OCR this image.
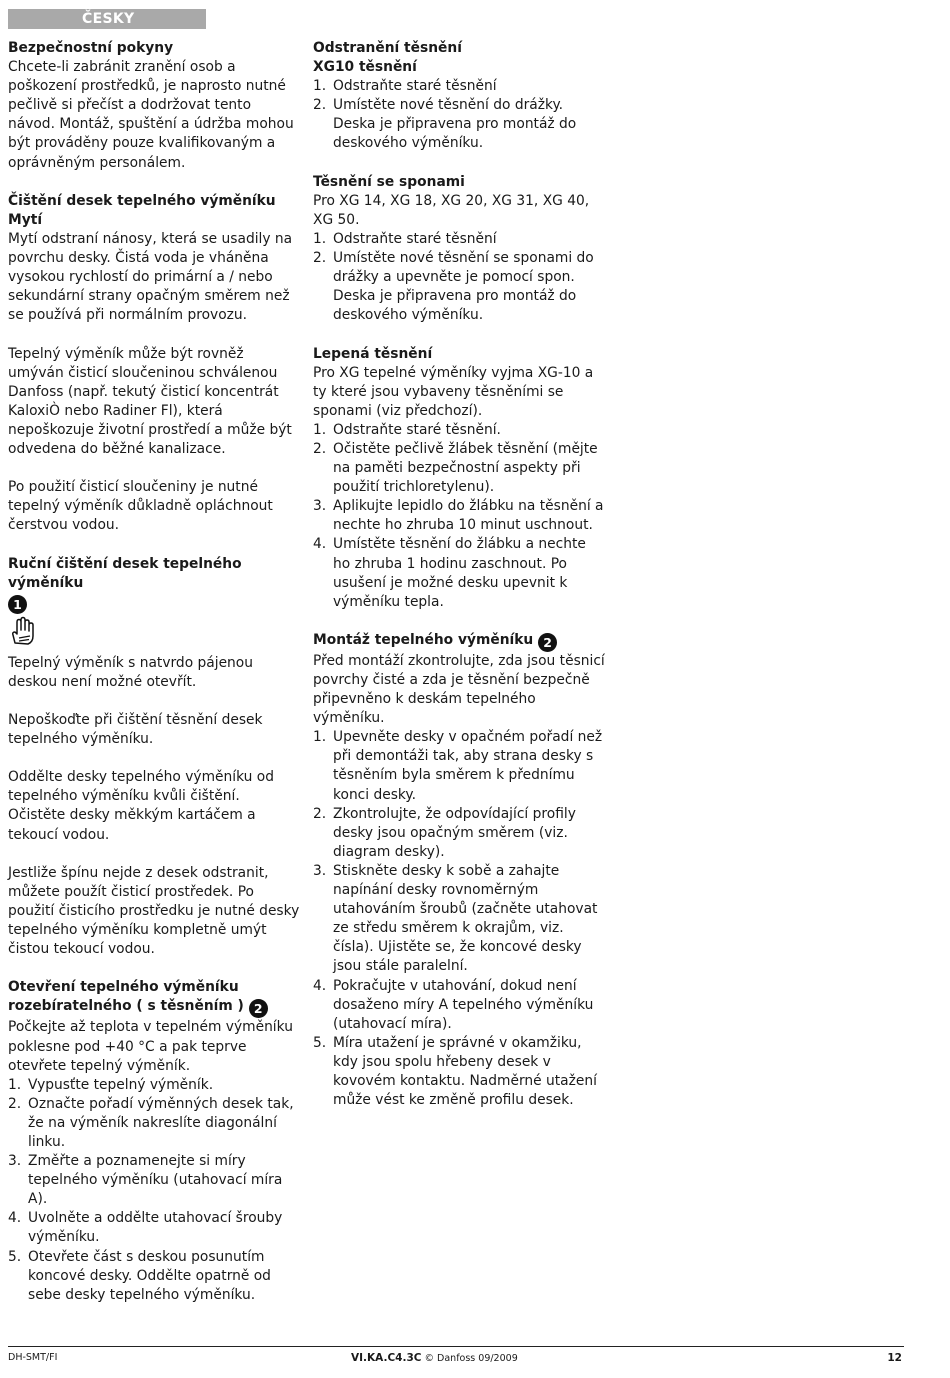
ČESKY
Bezpečnostní pokyny

Chcete-li zabránit zranění osob a poškození prostředků, je naprosto nutné pečlivě si přečíst a dodržovat tento návod. Montáž, spuštění a údržba mohou být prováděny pouze kvalifikovaným a oprávněným personálem.

Čištění desek tepelného výměníku
Mytí

Mytí odstraní nánosy, která se usadily na povrchu desky. Čistá voda je vháněna vysokou rychlostí do primární a / nebo sekundární strany opačným směrem než se používá při normálním provozu.

Tepelný výměník může být rovněž umýván čisticí sloučeninou schválenou Danfoss (např. tekutý čisticí koncentrát KaloxiÒ nebo Radiner Fl), která nepoškozuje životní prostředí a může být odvedena do běžné kanalizace.

Po použití čisticí sloučeniny je nutné tepelný výměník důkladně opláchnout čerstvou vodou.

Ruční čištění desek tepelného výměníku
1

Tepelný výměník s natvrdo pájenou deskou není možné otevřít.

Nepoškoďte při čištění těsnění desek tepelného výměníku.

Oddělte desky tepelného výměníku od tepelného výměníku kvůli čištění. Očistěte desky měkkým kartáčem a tekoucí vodou.

Jestliže špínu nejde z desek odstranit, můžete použít čisticí prostředek. Po použití čisticího prostředku je nutné desky tepelného výměníku kompletně umýt čistou tekoucí vodou.

Otevření tepelného výměníku
rozebíratelného ( s těsněním ) 2

Počkejte až teplota v tepelném výměníku poklesne pod +40 °C a pak teprve otevřete tepelný výměník.

1. Vypusťte tepelný výměník.
2. Označte pořadí výměnných desek tak, že na výměník nakreslíte diagonální linku.
3. Změřte a poznamenejte si míry tepelného výměníku (utahovací míra A).
4. Uvolněte a oddělte utahovací šrouby výměníku.
5. Otevřete část s deskou posunutím koncové desky. Oddělte opatrně od sebe desky tepelného výměníku.
Odstranění těsnění
XG10 těsnění
1. Odstraňte staré těsnění
2. Umístěte nové těsnění do drážky. Deska je připravena pro montáž do deskového výměníku.
Těsnění se sponami

Pro XG 14, XG 18, XG 20, XG 31, XG 40, XG 50.

1. Odstraňte staré těsnění
2. Umístěte nové těsnění se sponami do drážky a upevněte je pomocí spon. Deska je připravena pro montáž do deskového výměníku.
Lepená těsnění

Pro XG tepelné výměníky vyjma XG-10 a ty které jsou vybaveny těsněními se sponami (viz předchozí).

1. Odstraňte staré těsnění.
2. Očistěte pečlivě žlábek těsnění (mějte na paměti bezpečnostní aspekty při použití trichloretylenu).
3. Aplikujte lepidlo do žlábku na těsnění a nechte ho zhruba 10 minut uschnout.
4. Umístěte těsnění do žlábku a nechte ho zhruba 1 hodinu zaschnout. Po usušení je možné desku upevnit k výměníku tepla.
Montáž tepelného výměníku 2

Před montáží zkontrolujte, zda jsou těsnicí povrchy čisté a zda je těsnění bezpečně připevněno k deskám tepelného výměníku.

1. Upevněte desky v opačném pořadí než při demontáži tak, aby strana desky s těsněním byla směrem k přednímu konci desky.
2. Zkontrolujte, že odpovídající profily desky jsou opačným směrem (viz. diagram desky).
3. Stiskněte desky k sobě a zahajte napínání desky rovnoměrným utahováním šroubů (začněte utahovat ze středu směrem k okrajům, viz. čísla). Ujistěte se, že koncové desky jsou stále paralelní.
4. Pokračujte v utahování, dokud není dosaženo míry A tepelného výměníku (utahovací míra).
5. Míra utažení je správné v okamžiku, kdy jsou spolu hřebeny desek v kovovém kontaktu. Nadměrné utažení může vést ke změně profilu desek.
DH-SMT/FI	VI.KA.C4.3C © Danfoss 09/2009	12
